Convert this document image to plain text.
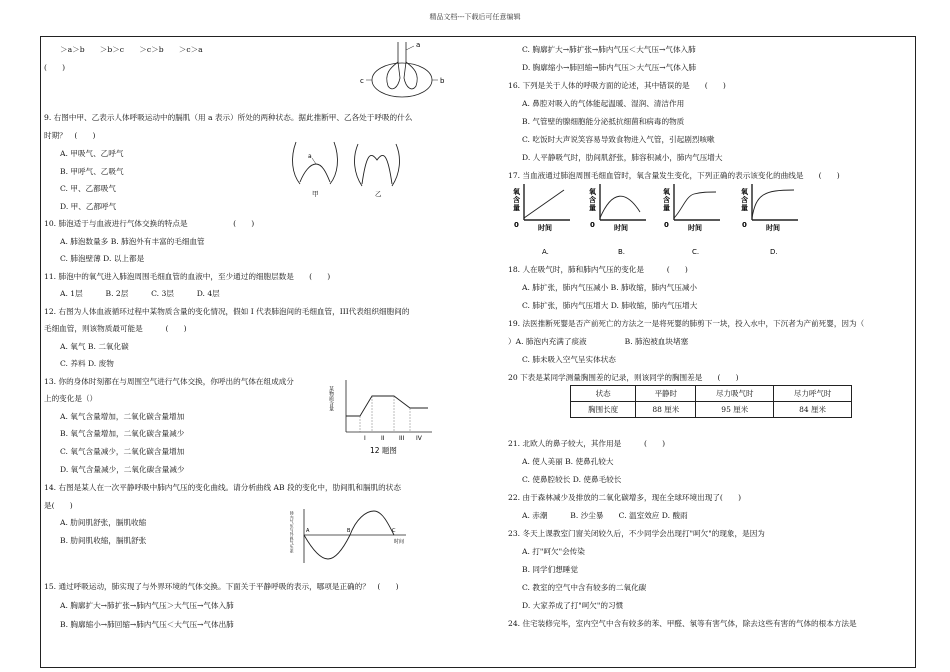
精品文档---下载后可任意编辑
＞a＞b　　＞b＞c　　＞c＞b　　＞c＞a
(　　)
9. 右图中甲、乙表示人体呼吸运动中的膈肌（用 a 表示）所处的两种状态。据此推断甲、乙各处于呼吸的什么
时期？　(　　)
A. 甲吸气、乙呼气
B. 甲呼气、乙吸气
C. 甲、乙都吸气
D. 甲、乙都呼气
10. 肺泡适于与血液进行气体交换的特点是　　　　　　(　　)
A. 肺泡数量多 B. 肺泡外有丰富的毛细血管
C. 肺泡壁薄 D. 以上都是
11. 肺泡中的氧气进入肺泡周围毛细血管的血液中，至少通过的细胞层数是　　(　　)
A. 1层　　　B. 2层　　　C. 3层　　　D. 4层
12. 右图为人体血液循环过程中某物质含量的变化情况，假如 I 代表肺泡间的毛细血管，III代表组织细胞间的
毛细血管，则该物质最可能是　　　(　　)
A. 氧气 B. 二氧化碳
C. 养料 D. 废物
13. 你的身体时刻都在与周围空气进行气体交换，你呼出的气体在组成成分
上的变化是（）
A. 氧气含量增加，二氧化碳含量增加
B. 氧气含量增加，二氧化碳含量减少
C. 氧气含量减少，二氧化碳含量增加
D. 氧气含量减少，二氧化碳含量减少
14. 右图是某人在一次平静呼吸中肺内气压的变化曲线。请分析曲线 AB 段的变化中，肋间肌和膈肌的状态
是(　　)
A. 肋间肌舒张，膈肌收缩
B. 肋间肌收缩，膈肌舒张
15. 通过呼吸运动，肺实现了与外界环境的气体交换。下面关于平静呼吸的表示，哪项是正确的？　(　　)
A. 胸廓扩大→肺扩张→肺内气压＞大气压→气体入肺
B. 胸廓缩小→肺回缩→肺内气压＜大气压→气体出肺
a
c	b
a
甲	乙
某物质含量
I	II III IV
12 题图
肺内气压与外界气压差 A	B	C
时间
C. 胸廓扩大→肺扩张→肺内气压＜大气压→气体入肺
D. 胸廓缩小→肺回缩→肺内气压＞大气压→气体入肺
16. 下列是关于人体的呼吸方面的论述，其中错误的是　　(　　)
A. 鼻腔对吸入的气体能起温暖、湿润、清洁作用
B. 气管壁的腺细胞能分泌抵抗细菌和病毒的物质
C. 吃饭时大声说笑容易导致食物进入气管，引起剧烈咳嗽
D. 人平静吸气时，肋间肌舒张，肺容积减小，肺内气压增大
17. 当血液通过肺泡周围毛细血管时，氧含量发生变化，下列正确的表示该变化的曲线是　　(　　)
18. 人在吸气时，肺和肺内气压的变化是　　　(　　)
A. 肺扩张，肺内气压减小 B. 肺收缩，肺内气压减小
C. 肺扩张，肺内气压增大 D. 肺收缩，肺内气压增大
19. 法医推断死婴是否产前死亡的方法之一是将死婴的肺剪下一块，投入水中，下沉者为产前死婴，因为（
）A. 肺泡内充满了痰液　　　　　B. 肺泡被血块堵塞
C. 肺未吸入空气呈实体状态
20 下表是某同学测量胸围差的记录，则该同学的胸围差是　　(　　)
21. 北欧人的鼻子较大，其作用是　　　(　　)
A. 使人美丽 B. 使鼻孔较大
C. 使鼻腔较长 D. 使鼻毛较长
22. 由于森林减少及排放的二氧化碳增多，现在全球环境出现了(　　)
A. 赤潮　　　B. 沙尘暴　　C. 温室效应 D. 酸雨
23. 冬天上课教室门窗关闭较久后，不少同学会出现打"呵欠"的现象，是因为
A. 打"呵欠"会传染
B. 同学们想睡觉
C. 教室的空气中含有较多的二氧化碳
D. 大家养成了打"呵欠"的习惯
24. 住宅装修完毕，室内空气中含有较多的苯、甲醛、氡等有害气体，除去这些有害的气体的根本方法是
氧
含
量
0	时间
A.
氧
含
量
0	时间
B.
氧
含
量
0	时间
C.
氧
含
量
0	时间
D.
状态	平静时	尽力吸气时	尽力呼气时
胸围长度	88 厘米	95 厘米	84 厘米
